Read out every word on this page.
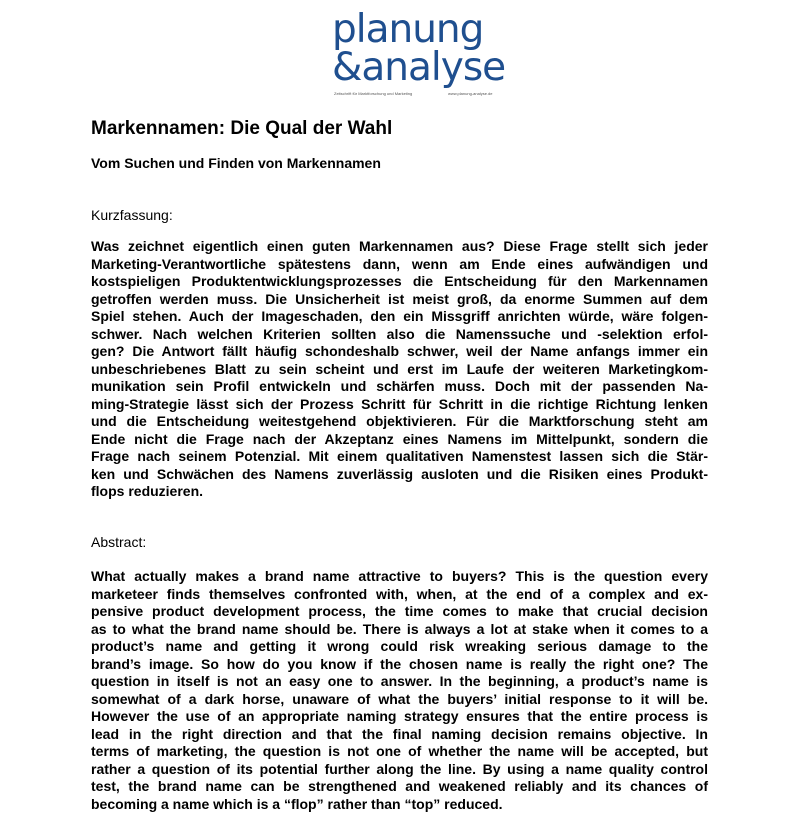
planung
&analyse
Zeitschrift für Marktforschung und Marketing	www.planung-analyse.de
Markennamen: Die Qual der Wahl
Vom Suchen und Finden von Markennamen
Kurzfassung:
Was zeichnet eigentlich einen guten Markennamen aus? Diese Frage stellt sich jeder
Marketing-Verantwortliche spätestens dann, wenn am Ende eines aufwändigen und
kostspieligen Produktentwicklungsprozesses die Entscheidung für den Markennamen
getroffen werden muss. Die Unsicherheit ist meist groß, da enorme Summen auf dem
Spiel stehen. Auch der Imageschaden, den ein Missgriff anrichten würde, wäre folgen-
schwer. Nach welchen Kriterien sollten also die Namenssuche und -selektion erfol-
gen? Die Antwort fällt häufig schondeshalb schwer, weil der Name anfangs immer ein
unbeschriebenes Blatt zu sein scheint und erst im Laufe der weiteren Marketingkom-
munikation sein Profil entwickeln und schärfen muss. Doch mit der passenden Na-
ming-Strategie lässt sich der Prozess Schritt für Schritt in die richtige Richtung lenken
und die Entscheidung weitestgehend objektivieren. Für die Marktforschung steht am
Ende nicht die Frage nach der Akzeptanz eines Namens im Mittelpunkt, sondern die
Frage nach seinem Potenzial. Mit einem qualitativen Namenstest lassen sich die Stär-
ken und Schwächen des Namens zuverlässig ausloten und die Risiken eines Produkt-
flops reduzieren.
Abstract:
What actually makes a brand name attractive to buyers? This is the question every
marketeer finds themselves confronted with, when, at the end of a complex and ex-
pensive product development process, the time comes to make that crucial decision
as to what the brand name should be. There is always a lot at stake when it comes to a
product’s name and getting it wrong could risk wreaking serious damage to the
brand’s image. So how do you know if the chosen name is really the right one? The
question in itself is not an easy one to answer. In the beginning, a product’s name is
somewhat of a dark horse, unaware of what the buyers’ initial response to it will be.
However the use of an appropriate naming strategy ensures that the entire process is
lead in the right direction and that the final naming decision remains objective. In
terms of marketing, the question is not one of whether the name will be accepted, but
rather a question of its potential further along the line. By using a name quality control
test, the brand name can be strengthened and weakened reliably and its chances of
becoming a name which is a “flop” rather than “top” reduced.
